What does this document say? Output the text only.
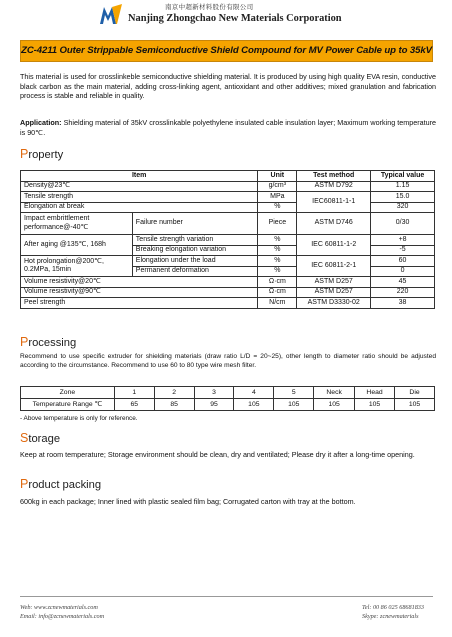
南京中超新材料股份有限公司
Nanjing Zhongchao New Materials Corporation
ZC-4211 Outer Strippable Semiconductive Shield Compound for MV Power Cable up to 35kV

This material is used for crosslinkeble semiconductive shielding material. It is produced by using high quality EVA resin, conductive black carbon as the main material, adding cross-linking agent, antioxidant and other additives; mixed granulation and fabrication process is stable and reliable in quality.

Application: Shielding material of 35kV crosslinkable polyethylene insulated cable insulation layer; Maximum working temperature is 90℃.

Property
Item		Unit	Test method	Typical value
Density@23℃		g/cm³	ASTM D792	1.15
Tensile strength		MPa	IEC60811-1-1	15.0
Elongation at break		%		320
Impact embrittlement performance@-40℃	Failure number	Piece	ASTM D746	0/30
After aging @135℃, 168h	Tensile strength variation	%	IEC 60811-1-2	+8
	Breaking elongation variation	%		-5
Hot prolongation@200℃, 0.2MPa, 15min	Elongation under the load	%	IEC 60811-2-1	60
	Permanent deformation	%		0
Volume resistivity@20℃		Ω·cm	ASTM D257	45
Volume resistivity@90℃		Ω·cm	ASTM D257	220
Peel strength		N/cm	ASTM D3330-02	38
Processing

Recommend to use specific extruder for shielding materials (draw ratio L/D = 20~25), other length to diameter ratio should be adjusted according to the circumstance. Recommend to use 60 to 80 type wire mesh filter.

Zone	1	2	3	4	5	Neck	Head	Die
Temperature Range ℃	65	85	95	105	105	105	105	105

- Above temperature is only for reference.

Storage

Keep at room temperature; Storage environment should be clean, dry and ventilated; Please dry it after a long-time opening.

Product packing

600kg in each package; Inner lined with plastic sealed film bag; Corrugated carton with tray at the bottom.

Web: www.zcnewmaterials.com
Email: info@zcnewmaterials.com
Tel: 00 86 025 68681833
Skype: zcnewmaterials
